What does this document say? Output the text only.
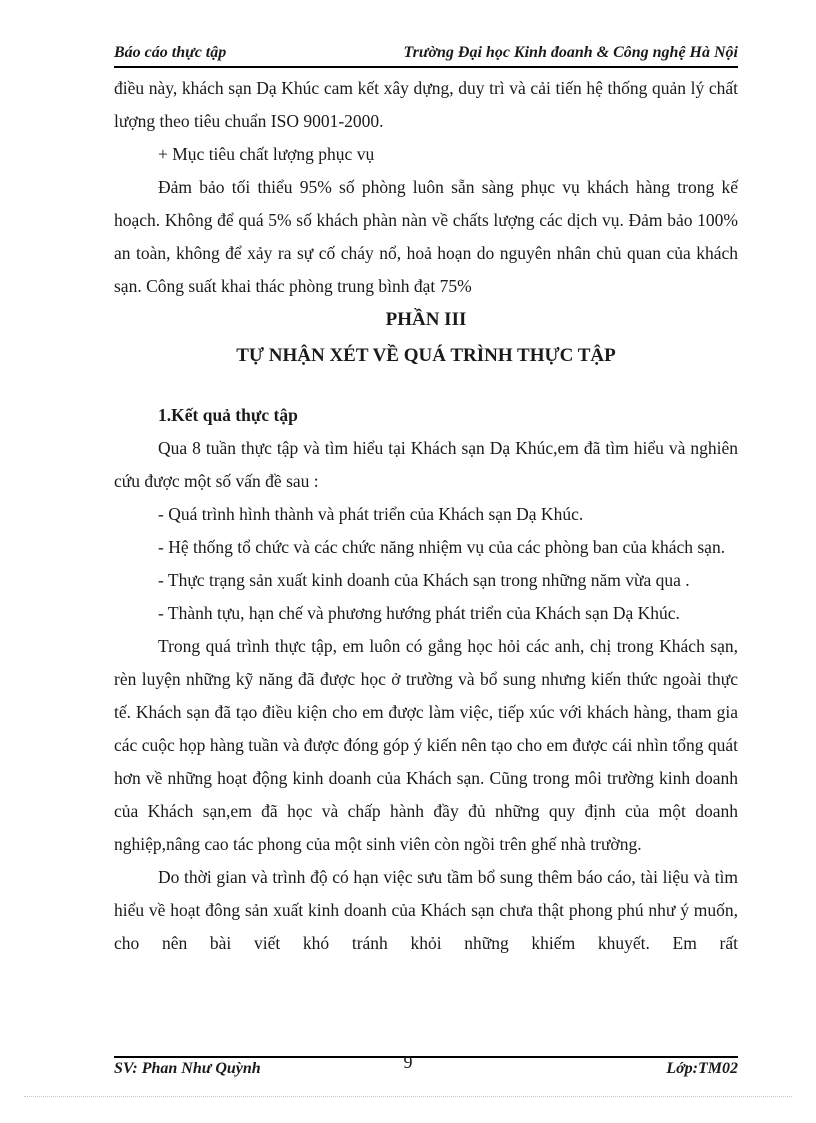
Báo cáo thực tập	Trường Đại học Kinh đoanh & Công nghệ Hà Nội

điều này, khách sạn Dạ Khúc cam kết xây dựng, duy trì và cải tiến hệ thống quản lý chất lượng theo tiêu chuẩn ISO 9001-2000.

+ Mục tiêu chất lượng phục vụ

Đảm bảo tối thiểu 95% số phòng luôn sẵn sàng phục vụ khách hàng trong kế hoạch. Không để quá 5% số khách phàn nàn về chấts lượng các dịch vụ. Đảm bảo 100% an toàn, không để xảy ra sự cố cháy nổ, hoả hoạn do nguyên nhân chủ quan của khách sạn. Công suất khai thác phòng trung bình đạt 75%

PHẦN III

TỰ NHẬN XÉT VỀ QUÁ TRÌNH THỰC TẬP

1.Kết quả thực tập

Qua 8 tuần thực tập và tìm hiểu tại Khách sạn Dạ Khúc,em đã tìm hiểu và nghiên cứu được một số vấn đề sau :

- Quá trình hình thành và phát triển của Khách sạn Dạ Khúc.

- Hệ thống tổ chức và các chức năng nhiệm vụ của các phòng ban của khách sạn.

- Thực trạng sản xuất kinh doanh của Khách sạn trong những năm vừa qua .

- Thành tựu, hạn chế và phương hướng phát triển của Khách sạn Dạ Khúc.

Trong quá trình thực tập, em luôn có gắng học hỏi các anh, chị trong Khách sạn, rèn luyện những kỹ năng đã được học ở trường và bổ sung nhưng kiến thức ngoài thực tế. Khách sạn đã tạo điều kiện cho em được làm việc, tiếp xúc với khách hàng, tham gia các cuộc họp hàng tuần và được đóng góp ý kiến nên tạo cho em được cái nhìn tổng quát hơn về những hoạt động kinh doanh của Khách sạn. Cũng trong môi trường kinh doanh của Khách sạn,em đã học và chấp hành đầy đủ những quy định của một doanh nghiệp,nâng cao tác phong của một sinh viên còn ngồi trên ghế nhà trường.

Do thời gian và trình độ có hạn việc sưu tầm bổ sung thêm báo cáo, tài liệu và tìm hiểu về hoạt đông sản xuất kinh doanh của Khách sạn chưa thật phong phú như ý muốn, cho nên bài viết khó tránh khỏi những khiếm khuyết. Em rất

9
SV: Phan Như Quỳnh	Lớp:TM02
